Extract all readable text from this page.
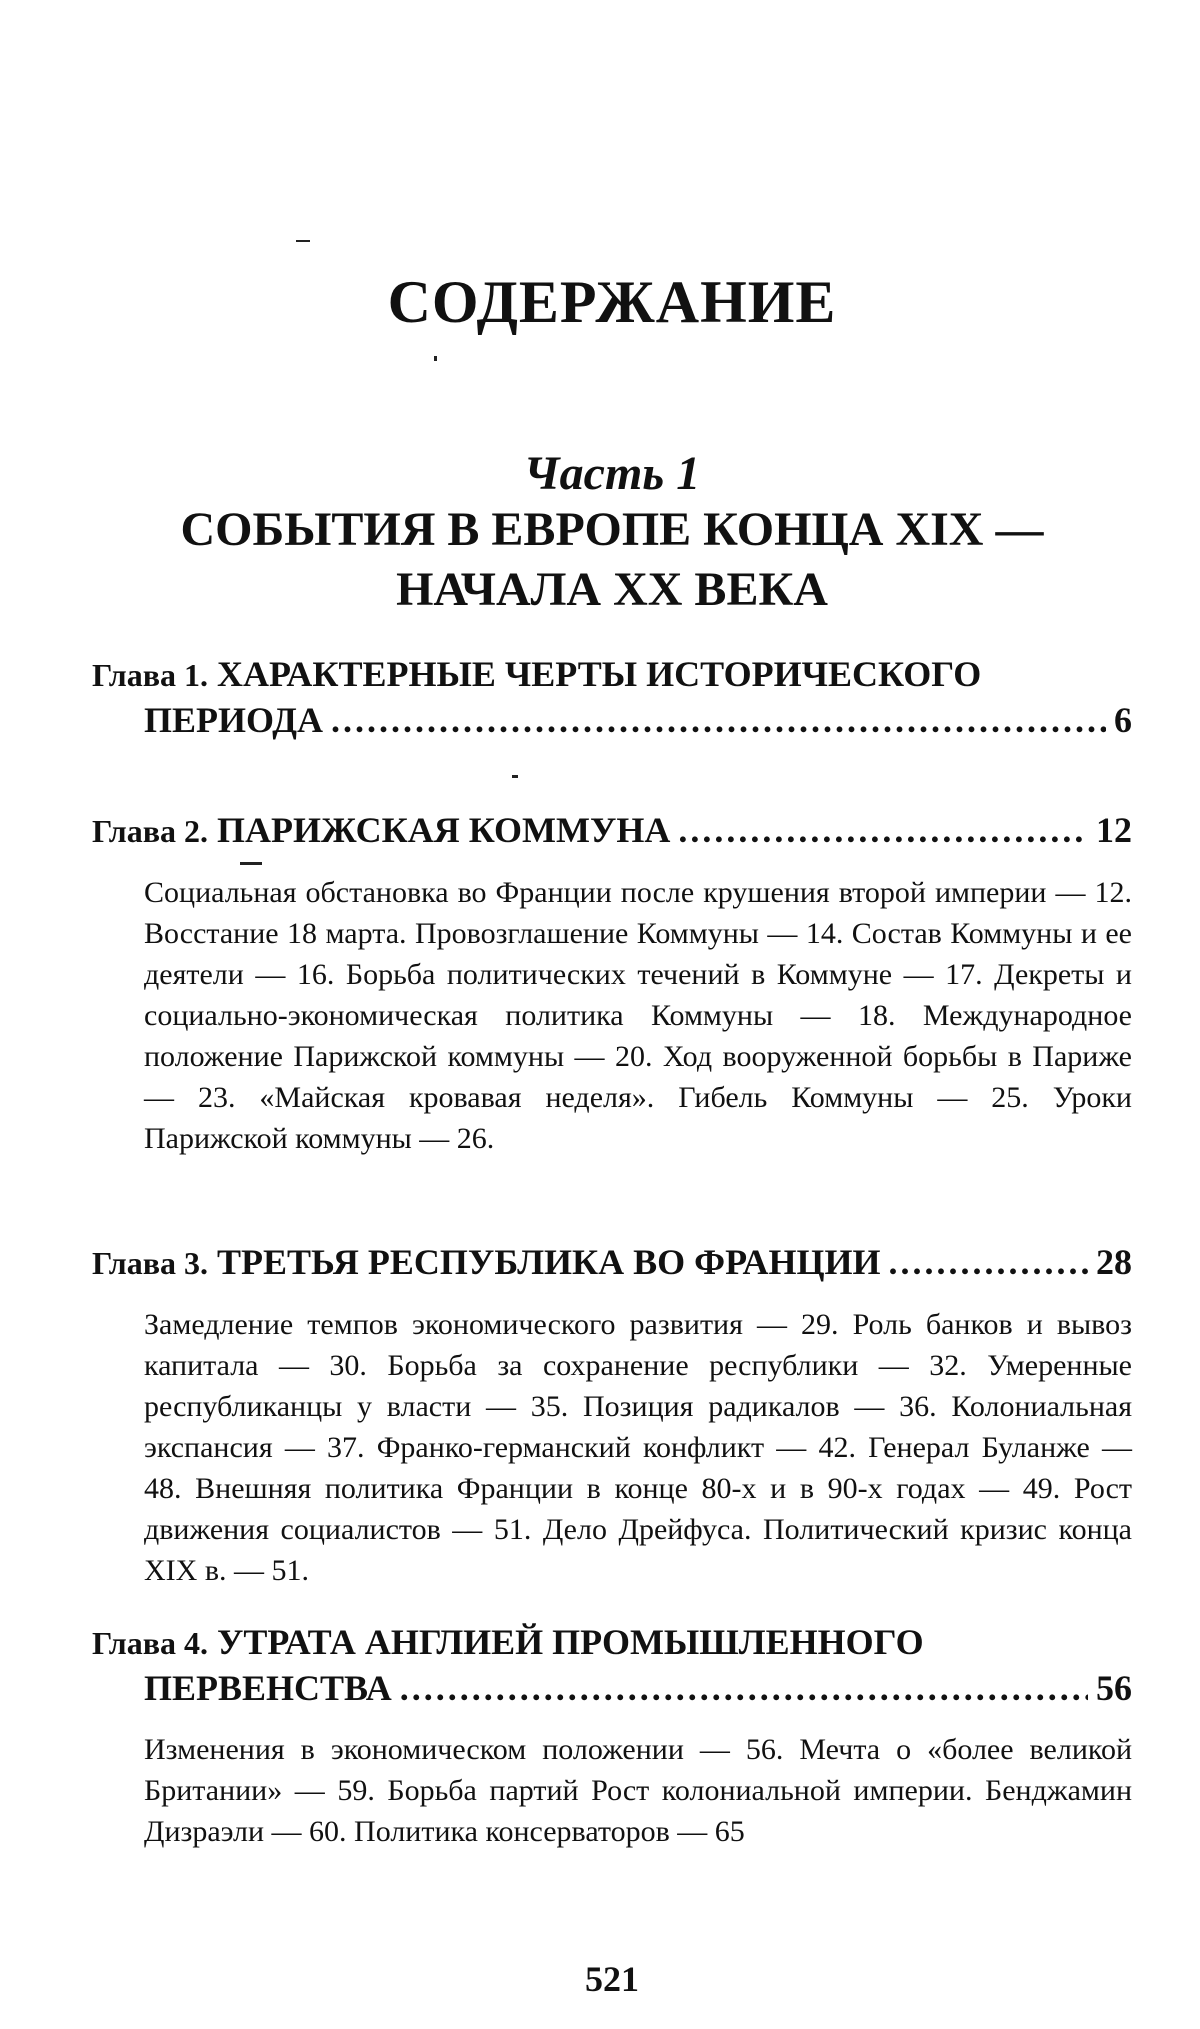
СОДЕРЖАНИЕ
Часть 1
СОБЫТИЯ В ЕВРОПЕ КОНЦА XIX —
НАЧАЛА XX ВЕКА
Глава 1. ХАРАКТЕРНЫЕ ЧЕРТЫ ИСТОРИЧЕСКОГО
ПЕРИОДА .....	6
Глава 2. ПАРИЖСКАЯ КОММУНА .....	12
Социальная обстановка во Франции после крушения второй империи — 12. Восстание 18 марта. Провозглашение Коммуны — 14. Состав Коммуны и ее деятели — 16. Борьба политических течений в Коммуне — 17. Декреты и социально-экономическая политика Коммуны — 18. Международное положение Парижской коммуны — 20. Ход вооруженной борьбы в Париже — 23. «Майская кровавая неделя». Гибель Коммуны — 25. Уроки Парижской коммуны — 26.
Глава 3. ТРЕТЬЯ РЕСПУБЛИКА ВО ФРАНЦИИ .....	28
Замедление темпов экономического развития — 29. Роль банков и вывоз капитала — 30. Борьба за сохранение республики — 32. Умеренные республиканцы у власти — 35. Позиция радикалов — 36. Колониальная экспансия — 37. Франко-германский конфликт — 42. Генерал Буланже — 48. Внешняя политика Франции в конце 80-х и в 90-х годах — 49. Рост движения социалистов — 51. Дело Дрейфуса. Политический кризис конца XIX в. — 51.
Глава 4. УТРАТА АНГЛИЕЙ ПРОМЫШЛЕННОГО
ПЕРВЕНСТВА .....	56
Изменения в экономическом положении — 56. Мечта о «более великой Британии» — 59. Борьба партий Рост колониальной империи. Бенджамин Дизраэли — 60. Политика консерваторов — 65
521
